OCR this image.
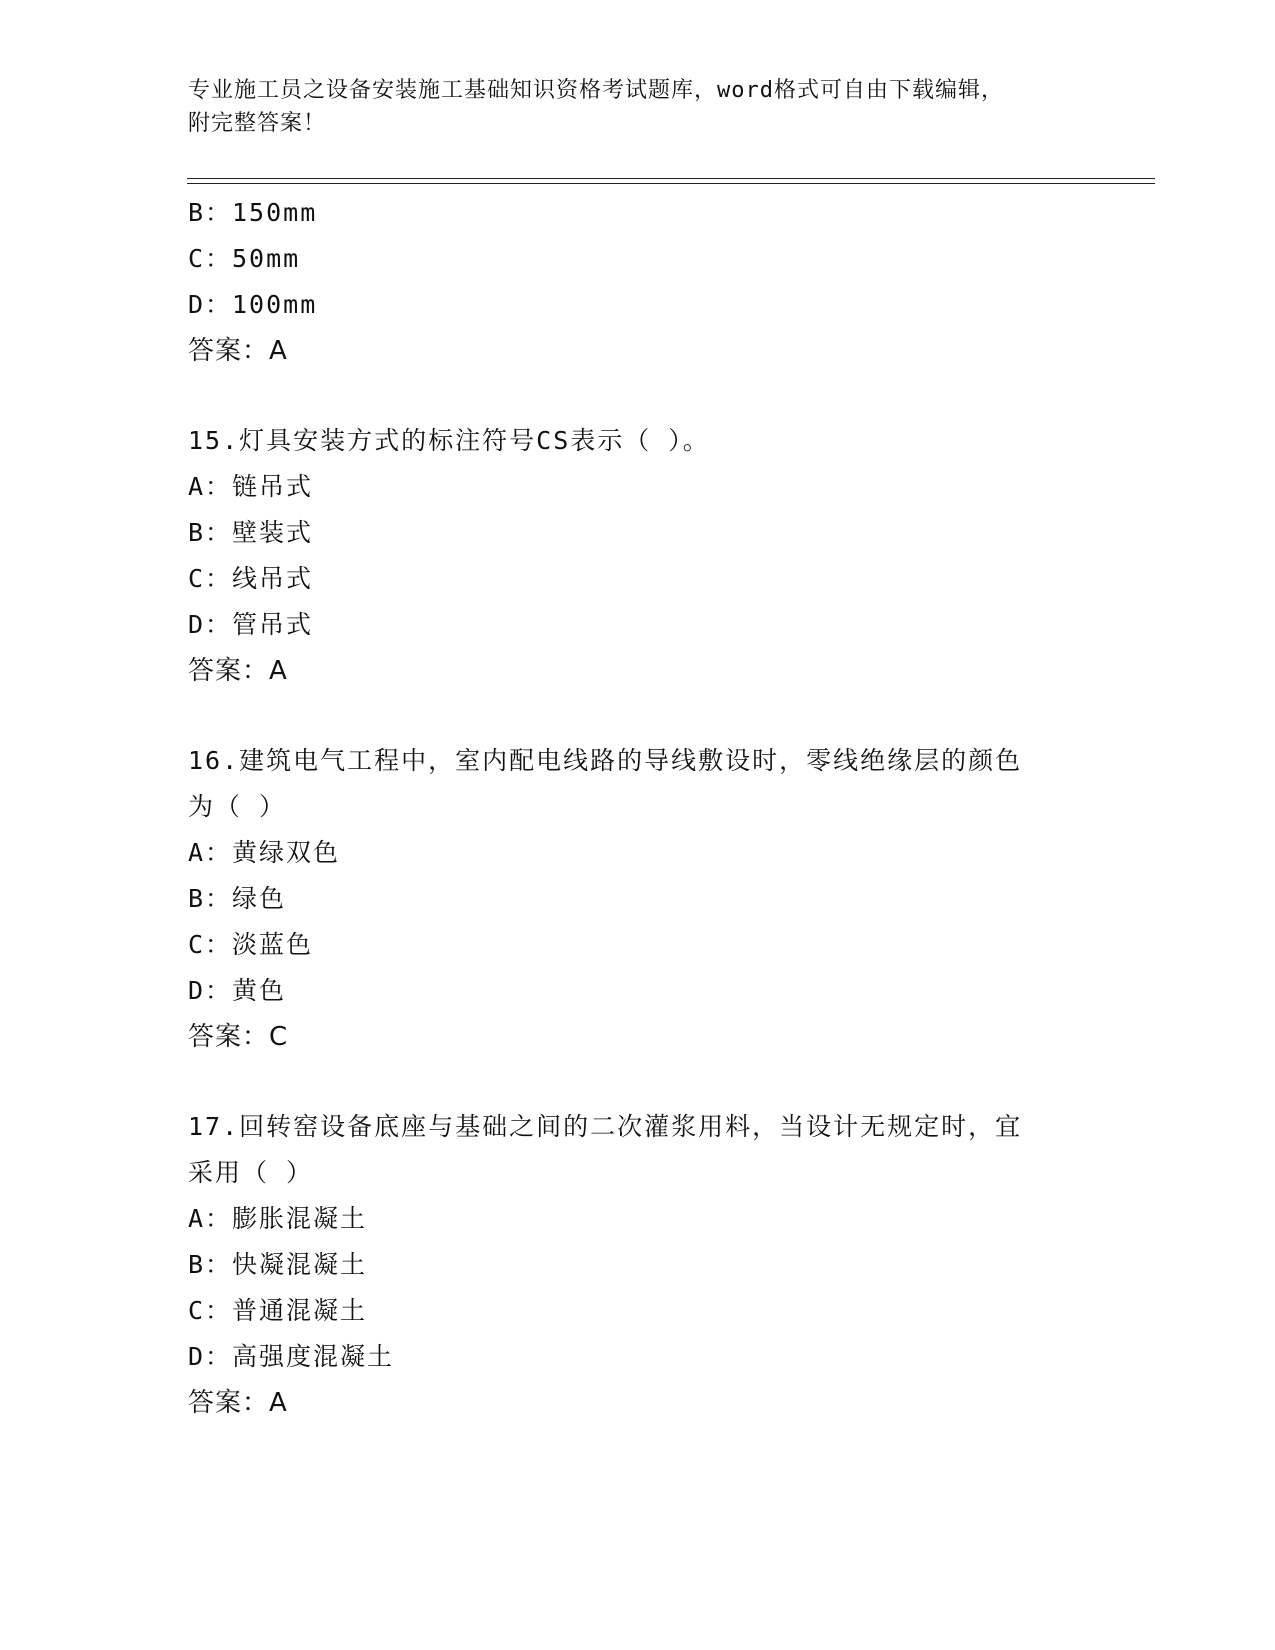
专业施工员之设备安装施工基础知识资格考试题库，word格式可自由下载编辑，
附完整答案！
B：150mm
C：50mm
D：100mm
答案：A
15.灯具安装方式的标注符号CS表示（ ）。
A：链吊式
B：壁装式
C：线吊式
D：管吊式
答案：A
16.建筑电气工程中，室内配电线路的导线敷设时，零线绝缘层的颜色
为（ ）
A：黄绿双色
B：绿色
C：淡蓝色
D：黄色
答案：C
17.回转窑设备底座与基础之间的二次灌浆用料，当设计无规定时，宜
采用（ ）
A：膨胀混凝土
B：快凝混凝土
C：普通混凝土
D：高强度混凝土
答案：A
